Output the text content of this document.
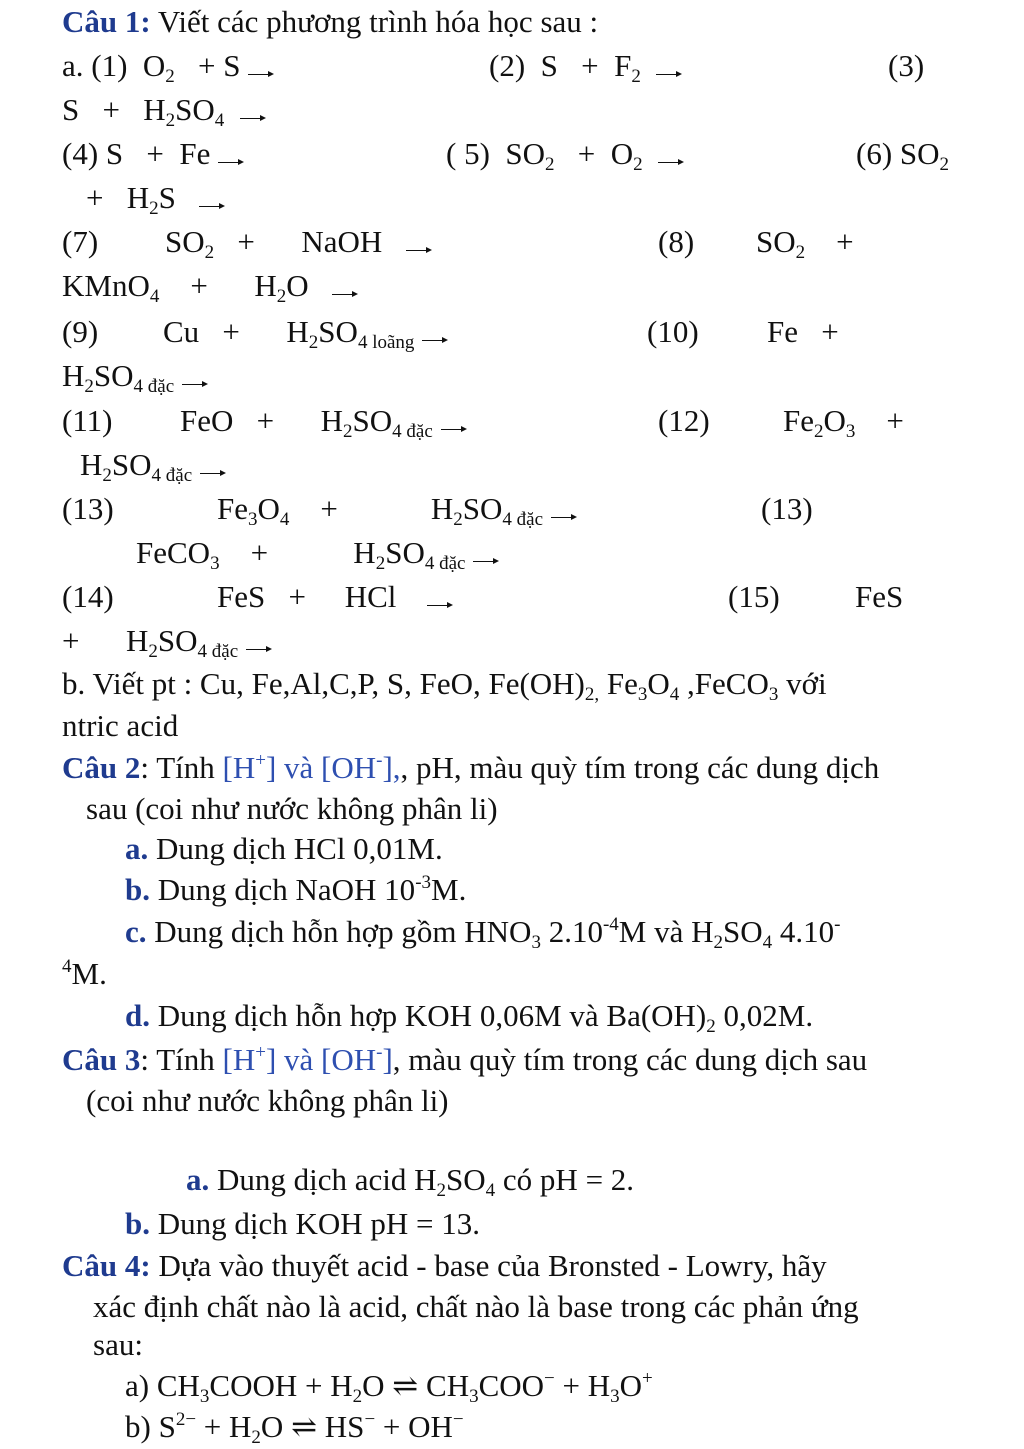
Câu 1: Viết các phương trình hóa học sau :
a. (1)  $O_2 + S$	(2)  $S + F_2$	(3)
$S + H_2SO_4$
(4) S   +  Fe	( 5)  $SO_2 + O_2$	(6) $SO_2$
+   $H_2S$
(7) $SO_2$   +      NaOH	(8) $SO_2$    +
KMnO$_4$    +      $H_2O$
(9) Cu   +      $H_2SO_{4 loãng}$	(10) Fe   +
$H_2SO_{4 đặc}$
(11) FeO   +      $H_2SO_{4 đặc}$	(12) $Fe_2O_3$    +
$H_2SO_{4 đặc}$
(13)	$Fe_3O_4$    +            $H_2SO_{4 đặc}$	(13)
FeCO$_3$    +           $H_2SO_{4 đặc}$
(14)	FeS   +     HCl	(15) FeS
+      $H_2SO_{4 đặc}$
b. Viết pt : Cu, Fe,Al,C,P, S, FeO, $Fe(OH)_{2,}$ $Fe_3O_4$ ,FeCO$_3$ với
ntric acid
Câu 2: Tính [H+] và [OH-],, pH, màu quỳ tím trong các dung dịch
sau (coi như nước không phân li)
a. Dung dịch HCl 0,01M.
b. Dung dịch NaOH $10^{-3}M$.
c. Dung dịch hỗn hợp gồm $HNO_3$ $2.10^{-4}M$ và $H_2SO_4$ 4.10-
$^4$M.
d. Dung dịch hỗn hợp KOH 0,06M và $Ba(OH)_2$ 0,02M.
Câu 3: Tính [H+] và [OH-], màu quỳ tím trong các dung dịch sau
(coi như nước không phân li)
a. Dung dịch acid $H_2SO_4$ có pH = 2.
b. Dung dịch KOH pH = 13.
Câu 4: Dựa vào thuyết acid - base của Bronsted - Lowry, hãy
xác định chất nào là acid, chất nào là base trong các phản ứng
sau:
a) $CH_3COOH + H_2O$ ⇌ $CH_3COO^- + H_3O^+$
b) $S^{2-} + H_2O$ ⇌ HS− + OH−
